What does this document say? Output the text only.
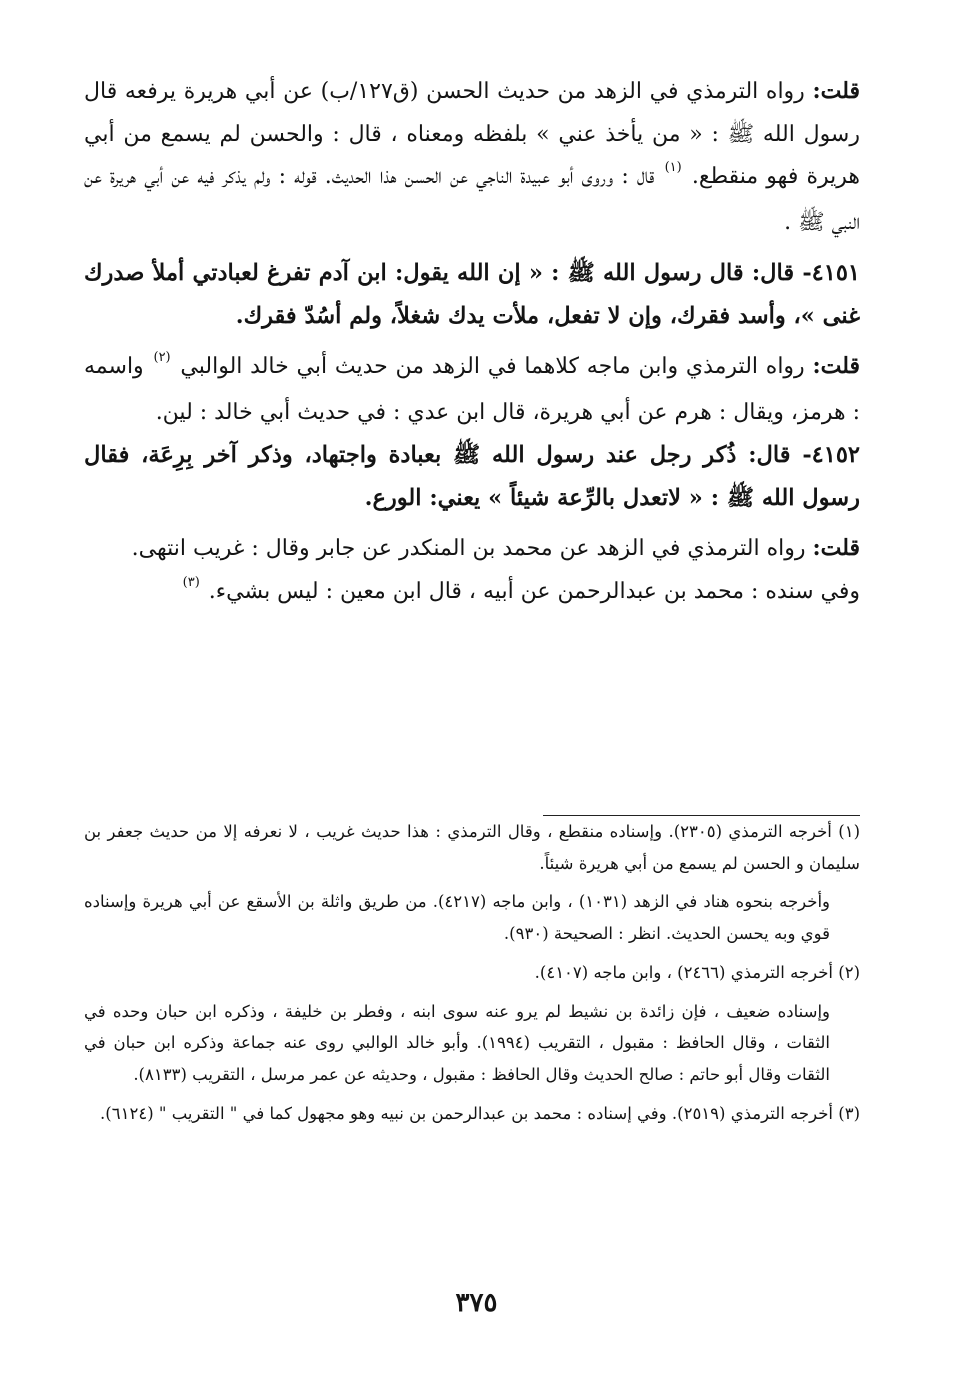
قلت: رواه الترمذي في الزهد من حديث الحسن (ق١٢٧/ب) عن أبي هريرة يرفعه قال رسول الله ﷺ : « من يأخذ عني » بلفظه ومعناه ، قال : والحسن لم يسمع من أبي هريرة فهو منقطع. $^{(١)}$ قال : وروى أبو عبيدة الناجي عن الحسن هذا الحديث. قوله : ولم يذكر فيه عن أبي هريرة عن النبي ﷺ .

٤١٥١- قال: قال رسول الله ﷺ : « إن الله يقول: ابن آدم تفرغ لعبادتي أملأ صدرك غنى »، وأسد فقرك، وإن لا تفعل، ملأت يدك شغلاً، ولم أسُدّ فقرك.

قلت: رواه الترمذي وابن ماجه كلاهما في الزهد من حديث أبي خالد الوالبي $^{(٢)}$ واسمه : هرمز، ويقال : هرم عن أبي هريرة، قال ابن عدي : في حديث أبي خالد : لين.

٤١٥٢- قال: ذُكر رجل عند رسول الله ﷺ بعبادة واجتهاد، وذكر آخر بِرِعَة، فقال رسول الله ﷺ : « لاتعدل بالرِّعة شيئاً » يعني: الورع.

قلت: رواه الترمذي في الزهد عن محمد بن المنكدر عن جابر وقال : غريب انتهى.

وفي سنده : محمد بن عبدالرحمن عن أبيه ، قال ابن معين : ليس بشيء. $^{(٣)}$

(١) أخرجه الترمذي (٢٣٠٥). وإسناده منقطع ، وقال الترمذي : هذا حديث غريب ، لا نعرفه إلا من حديث جعفر بن سليمان و الحسن لم يسمع من أبي هريرة شيئاً.

وأخرجه بنحوه هناد في الزهد (١٠٣١) ، وابن ماجه (٤٢١٧). من طريق واثلة بن الأسقع عن أبي هريرة وإسناده قوي وبه يحسن الحديث. انظر : الصحيحة (٩٣٠).

(٢) أخرجه الترمذي (٢٤٦٦) ، وابن ماجه (٤١٠٧).

وإسناده ضعيف ، فإن زائدة بن نشيط لم يرو عنه سوى ابنه ، وفطر بن خليفة ، وذكره ابن حبان وحده في الثقات ، وقال الحافظ : مقبول ، التقريب (١٩٩٤). وأبو خالد الوالبي روى عنه جماعة وذكره ابن حبان في الثقات وقال أبو حاتم : صالح الحديث وقال الحافظ : مقبول ، وحديثه عن عمر مرسل ، التقريب (٨١٣٣).

(٣) أخرجه الترمذي (٢٥١٩). وفي إسناده : محمد بن عبدالرحمن بن نبيه وهو مجهول كما في " التقريب " (٦١٢٤).

٣٧٥
